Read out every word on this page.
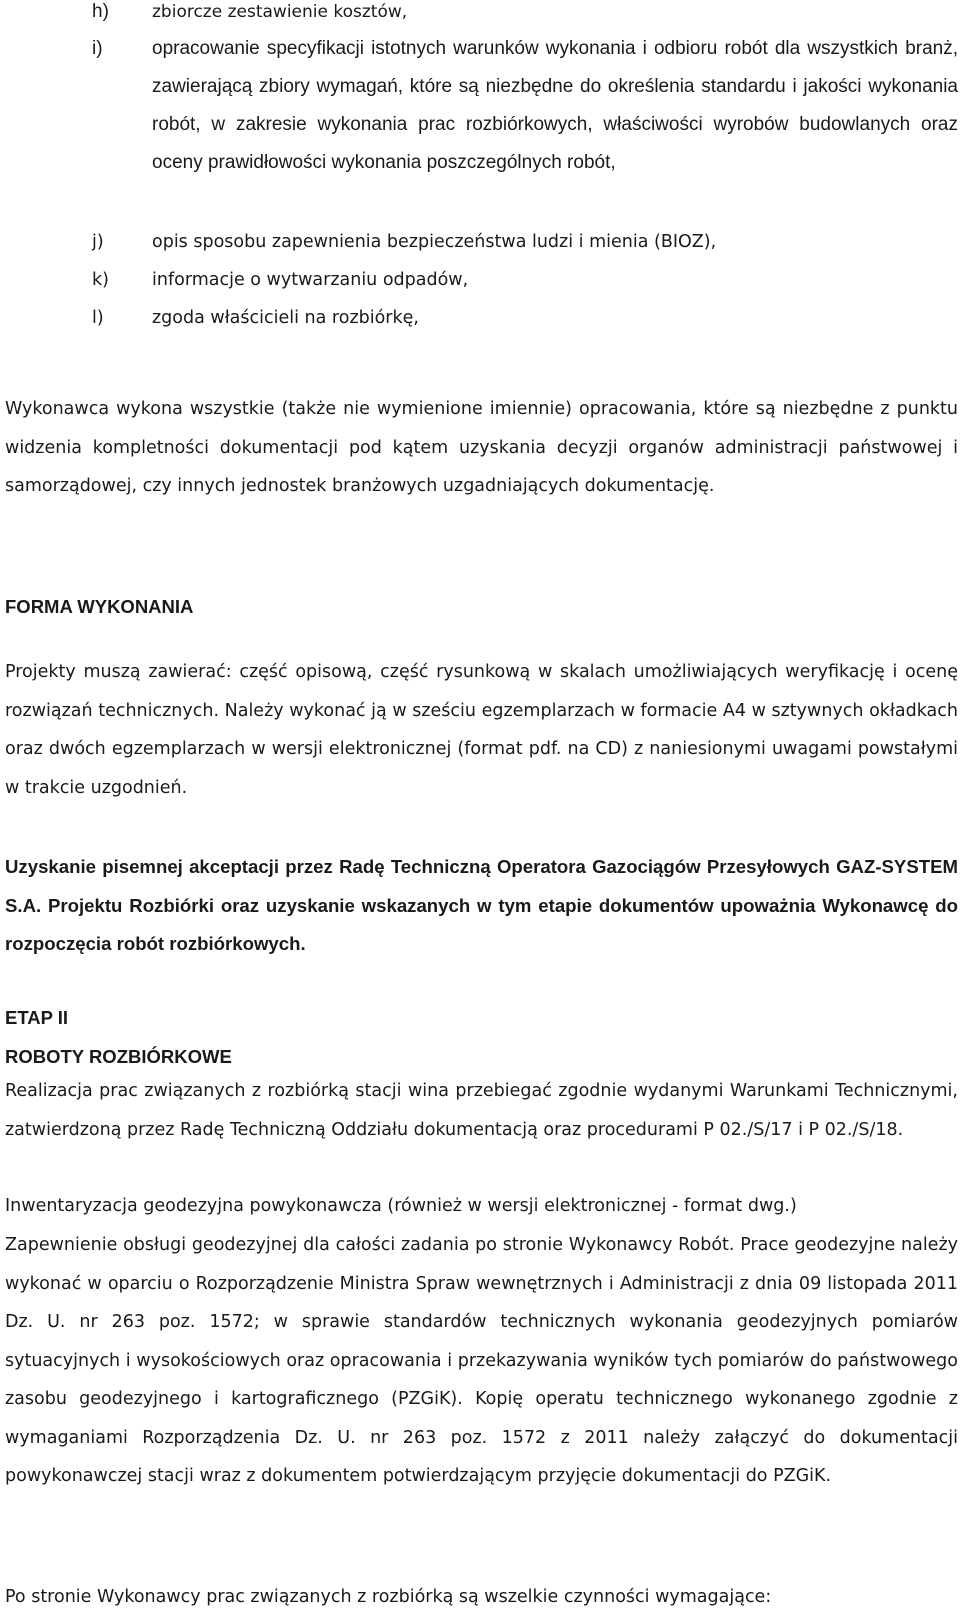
h)	zbiorcze zestawienie kosztów,
i)	opracowanie specyfikacji istotnych warunków wykonania i odbioru robót dla wszystkich branż, zawierającą zbiory wymagań, które są niezbędne do określenia standardu i jakości wykonania robót, w zakresie wykonania prac rozbiórkowych, właściwości wyrobów budowlanych oraz oceny prawidłowości wykonania poszczególnych robót,
j)	opis sposobu zapewnienia bezpieczeństwa ludzi i mienia (BIOZ),
k) informacje o wytwarzaniu odpadów,
l)	zgoda właścicieli na rozbiórkę,
Wykonawca wykona wszystkie (także nie wymienione imiennie) opracowania, które są niezbędne z punktu widzenia kompletności dokumentacji pod kątem uzyskania decyzji organów administracji państwowej i samorządowej, czy innych jednostek branżowych uzgadniających dokumentację.
FORMA WYKONANIA
Projekty muszą zawierać: część opisową, część rysunkową w skalach umożliwiających weryfikację i ocenę rozwiązań technicznych. Należy wykonać ją w sześciu egzemplarzach w formacie A4 w sztywnych okładkach oraz dwóch egzemplarzach w wersji elektronicznej (format pdf. na CD) z naniesionymi uwagami powstałymi w trakcie uzgodnień.
Uzyskanie pisemnej akceptacji przez Radę Techniczną Operatora Gazociągów Przesyłowych GAZ-SYSTEM S.A. Projektu Rozbiórki oraz uzyskanie wskazanych w tym etapie dokumentów upoważnia Wykonawcę do rozpoczęcia robót rozbiórkowych.
ETAP II
ROBOTY ROZBIÓRKOWE
Realizacja prac związanych z rozbiórką stacji wina przebiegać zgodnie wydanymi Warunkami Technicznymi, zatwierdzoną przez Radę Techniczną Oddziału dokumentacją oraz procedurami P 02./S/17 i P 02./S/18.
Inwentaryzacja geodezyjna powykonawcza (również w wersji elektronicznej - format dwg.)
Zapewnienie obsługi geodezyjnej dla całości zadania po stronie Wykonawcy Robót. Prace geodezyjne należy wykonać w oparciu o Rozporządzenie Ministra Spraw wewnętrznych i Administracji z dnia 09 listopada 2011 Dz. U. nr 263 poz. 1572; w sprawie standardów technicznych wykonania geodezyjnych pomiarów sytuacyjnych i wysokościowych oraz opracowania i przekazywania wyników tych pomiarów do państwowego zasobu geodezyjnego i kartograficznego (PZGiK). Kopię operatu technicznego wykonanego zgodnie z wymaganiami Rozporządzenia Dz. U. nr 263 poz. 1572 z 2011 należy załączyć do dokumentacji powykonawczej stacji wraz z dokumentem potwierdzającym przyjęcie dokumentacji do PZGiK.
Po stronie Wykonawcy prac związanych z rozbiórką są wszelkie czynności wymagające:
